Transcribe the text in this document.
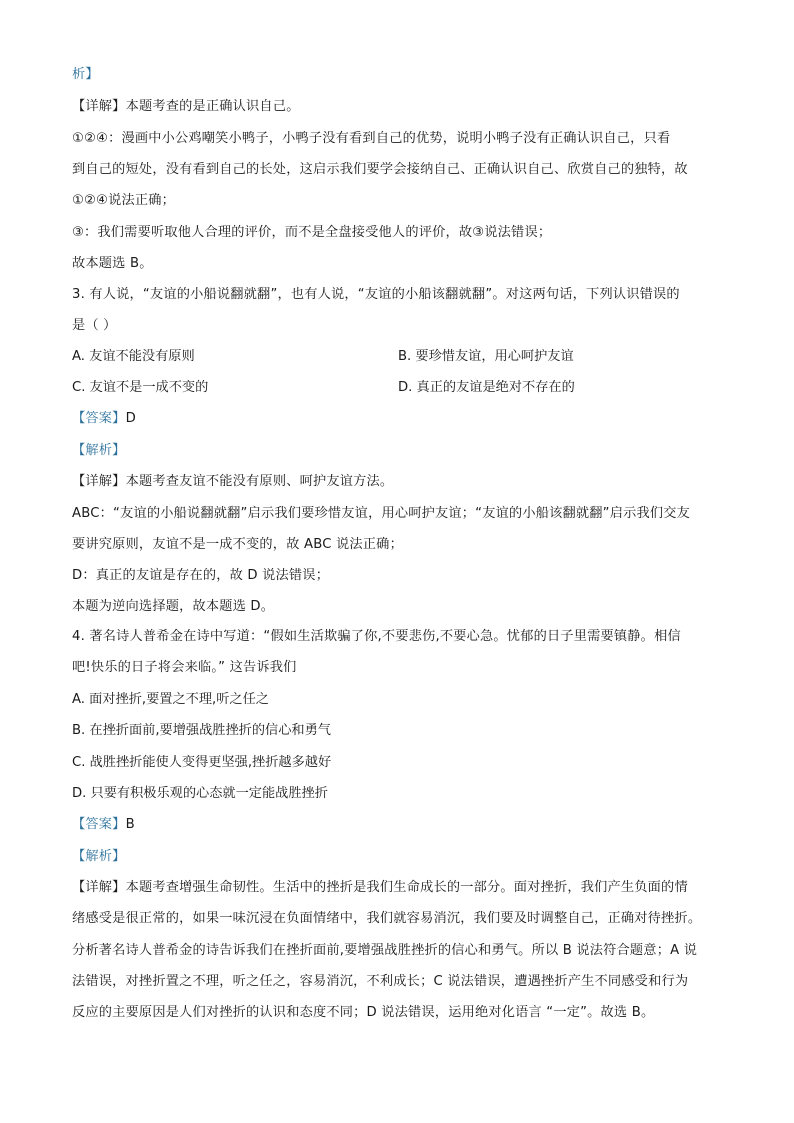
析】
【详解】本题考查的是正确认识自己。
①②④：漫画中小公鸡嘲笑小鸭子，小鸭子没有看到自己的优势，说明小鸭子没有正确认识自己，只看
到自己的短处，没有看到自己的长处，这启示我们要学会接纳自己、正确认识自己、欣赏自己的独特，故
①②④说法正确；
③：我们需要听取他人合理的评价，而不是全盘接受他人的评价，故③说法错误；
故本题选 B。
3. 有人说，“友谊的小船说翻就翻”，也有人说，“友谊的小船该翻就翻”。对这两句话，下列认识错误的
是（ ）
A. 友谊不能没有原则	B. 要珍惜友谊，用心呵护友谊
C. 友谊不是一成不变的	D. 真正的友谊是绝对不存在的
【答案】D
【解析】
【详解】本题考查友谊不能没有原则、呵护友谊方法。
ABC：“友谊的小船说翻就翻”启示我们要珍惜友谊，用心呵护友谊；“友谊的小船该翻就翻”启示我们交友
要讲究原则，友谊不是一成不变的，故 ABC 说法正确；
D：真正的友谊是存在的，故 D 说法错误；
本题为逆向选择题，故本题选 D。
4. 著名诗人普希金在诗中写道：“假如生活欺骗了你,不要悲伤,不要心急。忧郁的日子里需要镇静。相信
吧!快乐的日子将会来临。” 这告诉我们
A. 面对挫折,要置之不理,听之任之
B. 在挫折面前,要增强战胜挫折的信心和勇气
C. 战胜挫折能使人变得更坚强,挫折越多越好
D. 只要有积极乐观的心态就一定能战胜挫折
【答案】B
【解析】
【详解】本题考查增强生命韧性。生活中的挫折是我们生命成长的一部分。面对挫折，我们产生负面的情
绪感受是很正常的，如果一味沉浸在负面情绪中，我们就容易消沉，我们要及时调整自己，正确对待挫折。
分析著名诗人普希金的诗告诉我们在挫折面前,要增强战胜挫折的信心和勇气。所以 B 说法符合题意；A 说
法错误，对挫折置之不理，听之任之，容易消沉，不利成长；C 说法错误，遭遇挫折产生不同感受和行为
反应的主要原因是人们对挫折的认识和态度不同；D 说法错误，运用绝对化语言 “一定”。故选 B。
